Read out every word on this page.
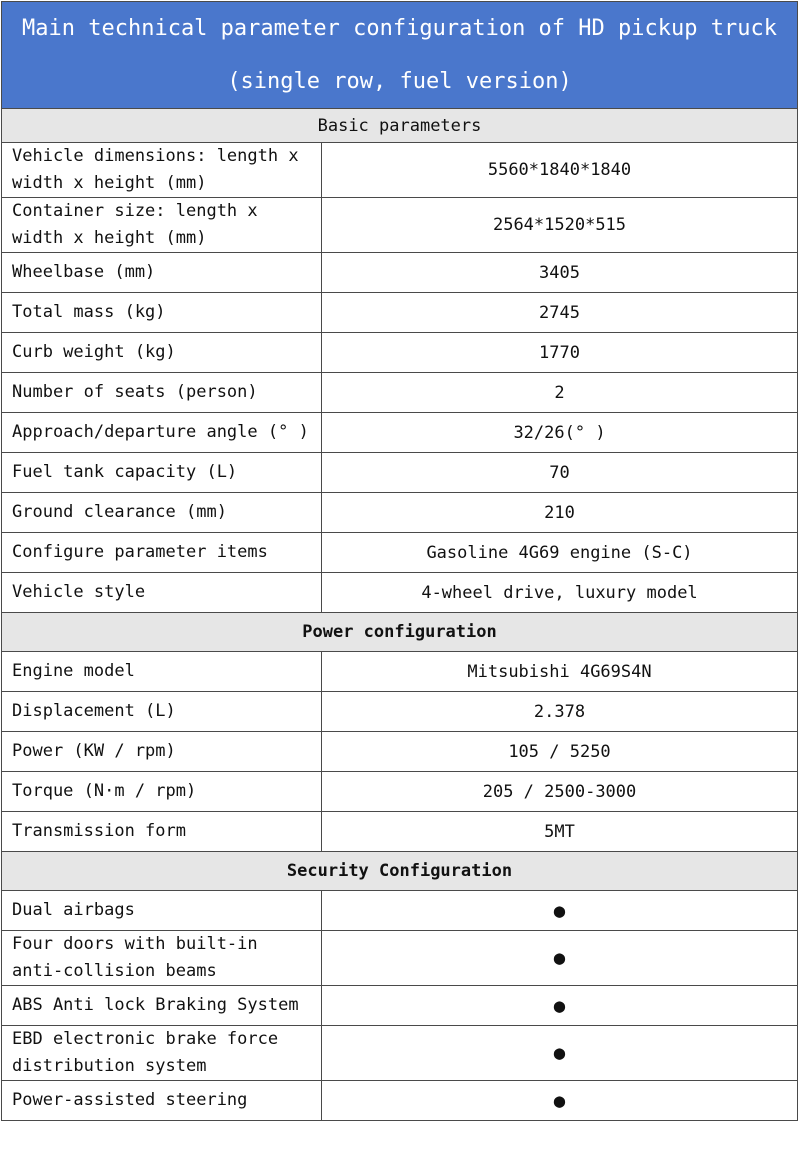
Main technical parameter configuration of HD pickup truck
(single row, fuel version)	

Basic parameters	
Vehicle dimensions: length x width x height (mm)	5560*1840*1840
Container size: length x width x height (mm)	2564*1520*515
Wheelbase (mm)	3405
Total mass (kg)	2745
Curb weight (kg)	1770
Number of seats (person)	2
Approach/departure angle (° )	32/26(° )
Fuel tank capacity (L)	70
Ground clearance (mm)	210
Configure parameter items	Gasoline 4G69 engine (S-C)
Vehicle style	4-wheel drive, luxury model
Power configuration	
Engine model	Mitsubishi 4G69S4N
Displacement (L)	2.378
Power (KW / rpm)	105 / 5250
Torque (N·m / rpm)	205 / 2500-3000
Transmission form	5MT
Security Configuration	
Dual airbags	●
Four doors with built-in anti-collision beams	●
ABS Anti lock Braking System	●
EBD electronic brake force distribution system	●
Power-assisted steering	●
